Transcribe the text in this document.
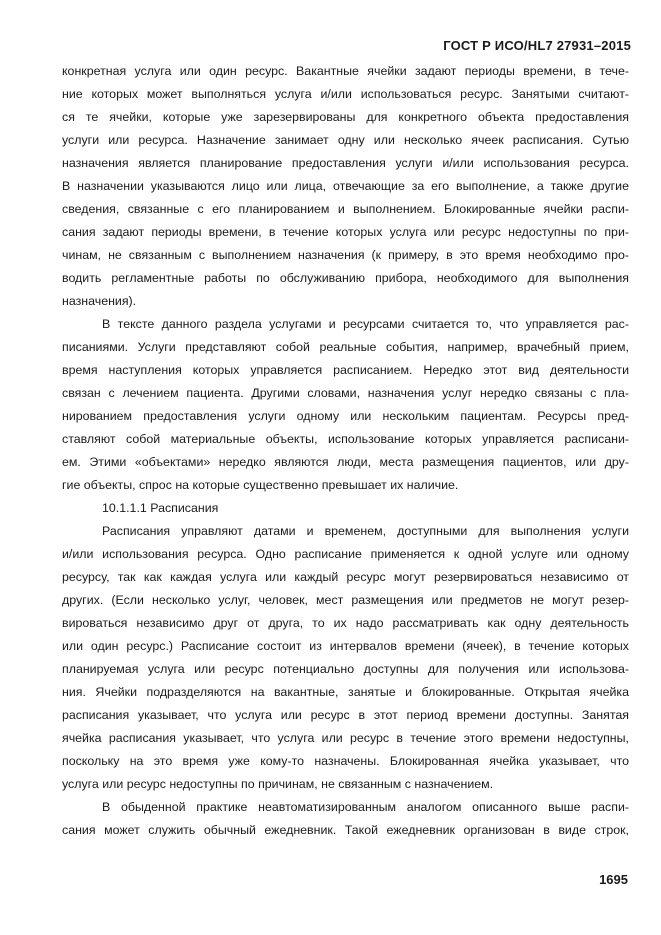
ГОСТ Р ИСО/HL7 27931–2015
конкретная услуга или один ресурс. Вакантные ячейки задают периоды времени, в тече-
ние которых может выполняться услуга и/или использоваться ресурс. Занятыми считают-
ся те ячейки, которые уже зарезервированы для конкретного объекта предоставления
услуги или ресурса. Назначение занимает одну или несколько ячеек расписания. Сутью
назначения является планирование предоставления услуги и/или использования ресурса.
В назначении указываются лицо или лица, отвечающие за его выполнение, а также другие
сведения, связанные с его планированием и выполнением. Блокированные ячейки распи-
сания задают периоды времени, в течение которых услуга или ресурс недоступны по при-
чинам, не связанным с выполнением назначения (к примеру, в это время необходимо про-
водить регламентные работы по обслуживанию прибора, необходимого для выполнения
назначения).
В тексте данного раздела услугами и ресурсами считается то, что управляется рас-
писаниями. Услуги представляют собой реальные события, например, врачебный прием,
время наступления которых управляется расписанием. Нередко этот вид деятельности
связан с лечением пациента. Другими словами, назначения услуг нередко связаны с пла-
нированием предоставления услуги одному или нескольким пациентам. Ресурсы пред-
ставляют собой материальные объекты, использование которых управляется расписани-
ем. Этими «объектами» нередко являются люди, места размещения пациентов, или дру-
гие объекты, спрос на которые существенно превышает их наличие.
10.1.1.1 Расписания
Расписания управляют датами и временем, доступными для выполнения услуги
и/или использования ресурса. Одно расписание применяется к одной услуге или одному
ресурсу, так как каждая услуга или каждый ресурс могут резервироваться независимо от
других. (Если несколько услуг, человек, мест размещения или предметов не могут резер-
вироваться независимо друг от друга, то их надо рассматривать как одну деятельность
или один ресурс.) Расписание состоит из интервалов времени (ячеек), в течение которых
планируемая услуга или ресурс потенциально доступны для получения или использова-
ния. Ячейки подразделяются на вакантные, занятые и блокированные. Открытая ячейка
расписания указывает, что услуга или ресурс в этот период времени доступны. Занятая
ячейка расписания указывает, что услуга или ресурс в течение этого времени недоступны,
поскольку на это время уже кому-то назначены. Блокированная ячейка указывает, что
услуга или ресурс недоступны по причинам, не связанным с назначением.
В обыденной практике неавтоматизированным аналогом описанного выше распи-
сания может служить обычный ежедневник. Такой ежедневник организован в виде строк,
1695
